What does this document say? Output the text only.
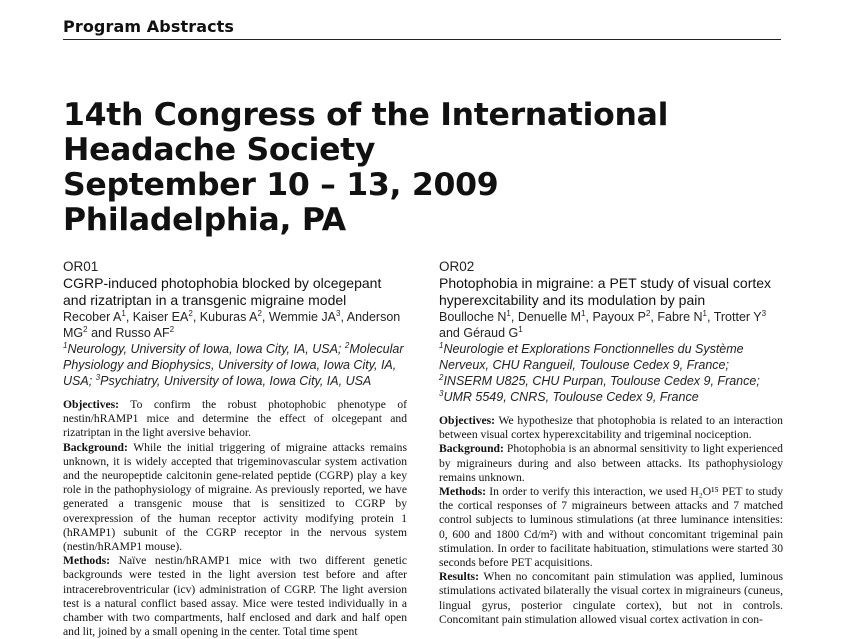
Program Abstracts
14th Congress of the International
Headache Society
September 10 – 13, 2009
Philadelphia, PA
OR01
CGRP-induced photophobia blocked by olcegepant and rizatriptan in a transgenic migraine model
Recober $A^1$, Kaiser $EA^2$, Kuburas $A^2$, Wemmie $JA^3$, Anderson $MG^2$ and Russo $AF^2$
$^1$Neurology, University of Iowa, Iowa City, IA, USA; $^2$Molecular Physiology and Biophysics, University of Iowa, Iowa City, IA, USA; $^3$Psychiatry, University of Iowa, Iowa City, IA, USA

Objectives: To confirm the robust photophobic phenotype of nestin/hRAMP1 mice and determine the effect of olcegepant and rizatriptan in the light aversive behavior.

Background: While the initial triggering of migraine attacks remains unknown, it is widely accepted that trigeminovascular system activation and the neuropeptide calcitonin gene-related peptide (CGRP) play a key role in the pathophysiology of migraine. As previously reported, we have generated a transgenic mouse that is sensitized to CGRP by overexpression of the human receptor activity modifying protein 1 (hRAMP1) subunit of the CGRP receptor in the nervous system (nestin/hRAMP1 mouse).

Methods: Naïve nestin/hRAMP1 mice with two different genetic backgrounds were tested in the light aversion test before and after intracerebroventricular (icv) administration of CGRP. The light aversion test is a natural conflict based assay. Mice were tested individually in a chamber with two compartments, half enclosed and dark and half open and lit, joined by a small opening in the center. Total time spent

OR02
Photophobia in migraine: a PET study of visual cortex hyperexcitability and its modulation by pain
Boulloche $N^1$, Denuelle $M^1$, Payoux $P^2$, Fabre $N^1$, Trotter $Y^3$ and Géraud $G^1$
$^1$Neurologie et Explorations Fonctionnelles du Système Nerveux, CHU Rangueil, Toulouse Cedex 9, France; $^2$INSERM U825, CHU Purpan, Toulouse Cedex 9, France; $^3$UMR 5549, CNRS, Toulouse Cedex 9, France

Objectives: We hypothesize that photophobia is related to an interaction between visual cortex hyperexcitability and trigeminal nociception.

Background: Photophobia is an abnormal sensitivity to light experienced by migraineurs during and also between attacks. Its pathophysiology remains unknown.

Methods: In order to verify this interaction, we used H₂O¹⁵ PET to study the cortical responses of 7 migraineurs between attacks and 7 matched control subjects to luminous stimulations (at three luminance intensities: 0, 600 and 1800 Cd/m²) with and without concomitant trigeminal pain stimulation. In order to facilitate habituation, stimulations were started 30 seconds before PET acquisitions.

Results: When no concomitant pain stimulation was applied, luminous stimulations activated bilaterally the visual cortex in migraineurs (cuneus, lingual gyrus, posterior cingulate cortex), but not in controls. Concomitant pain stimulation allowed visual cortex activation in con-
